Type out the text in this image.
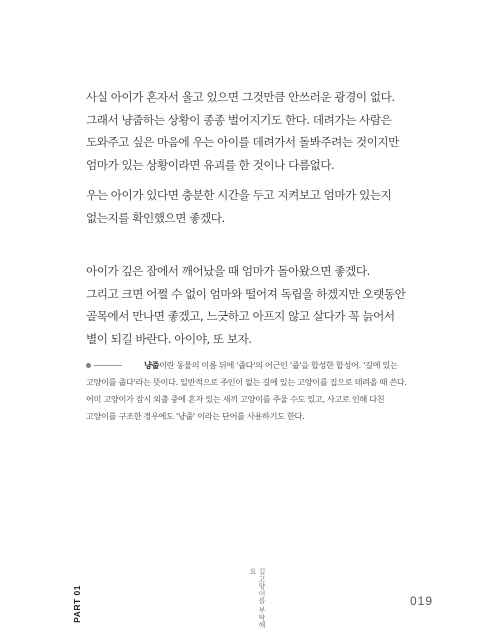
사실 아이가 혼자서 울고 있으면 그것만큼 안쓰러운 광경이 없다.
그래서 냥줍하는 상황이 종종 벌어지기도 한다. 데려가는 사람은
도와주고 싶은 마음에 우는 아이를 데려가서 돌봐주려는 것이지만
엄마가 있는 상황이라면 유괴를 한 것이나 다름없다.
우는 아이가 있다면 충분한 시간을 두고 지켜보고 엄마가 있는지
없는지를 확인했으면 좋겠다.
아이가 깊은 잠에서 깨어났을 때 엄마가 돌아왔으면 좋겠다.
그리고 크면 어쩔 수 없이 엄마와 떨어져 독립을 하겠지만 오랫동안
골목에서 만나면 좋겠고, 느긋하고 아프지 않고 살다가 꼭 늙어서
별이 되길 바란다. 아이야, 또 보자.
냥줍이란 동물의 이름 뒤에 '줍다'의 어근인 '줍'을 합성한 합성어. '길에 있는
고양이를 줍다'라는 뜻이다. 일반적으로 주인이 없는 길에 있는 고양이를 집으로 데려올 때 쓴다.
어미 고양이가 잠시 외출 중에 혼자 있는 새끼 고양이를 주울 수도 있고, 사고로 인해 다친
고양이를 구조한 경우에도 '냥줍' 이라는 단어를 사용하기도 한다.
PART 01	길고양이를 부탁해요
019
